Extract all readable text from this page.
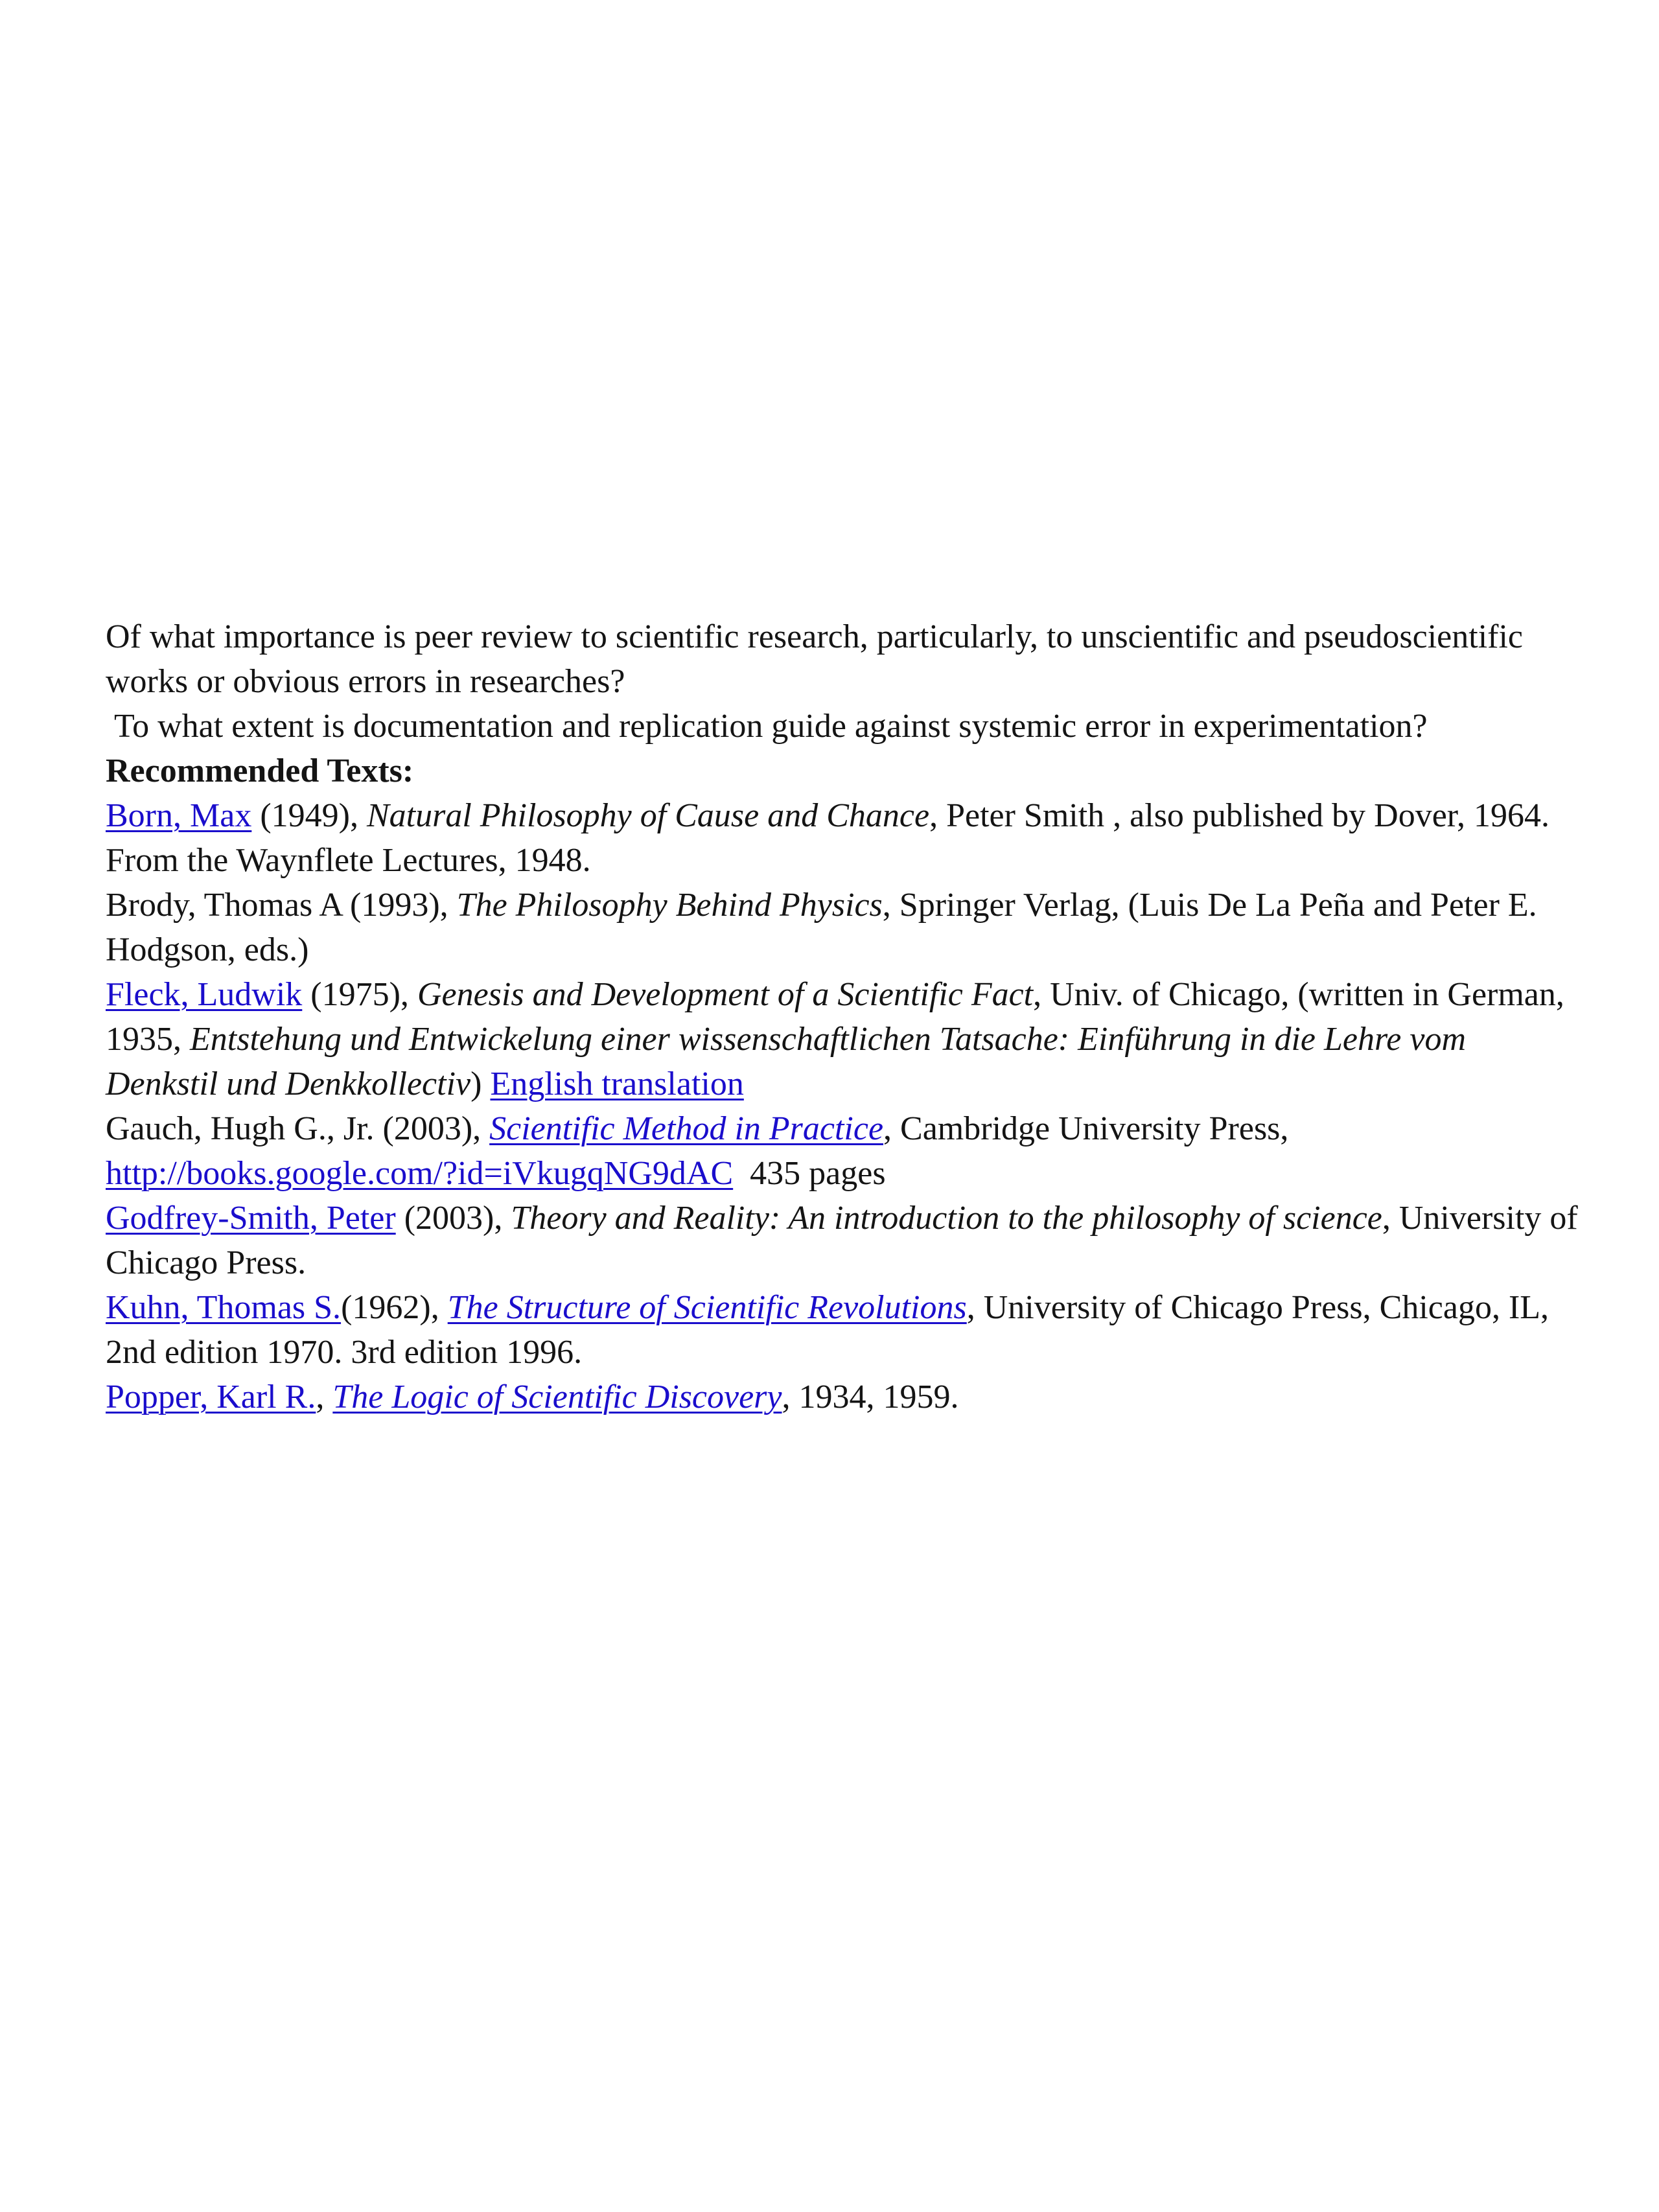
Of what importance is peer review to scientific research, particularly, to unscientific and pseudoscientific works or obvious errors in researches?

To what extent is documentation and replication guide against systemic error in experimentation?

Recommended Texts:

Born, Max (1949), Natural Philosophy of Cause and Chance, Peter Smith , also published by Dover, 1964. From the Waynflete Lectures, 1948.

Brody, Thomas A (1993), The Philosophy Behind Physics, Springer Verlag, (Luis De La Peña and Peter E. Hodgson, eds.)

Fleck, Ludwik (1975), Genesis and Development of a Scientific Fact, Univ. of Chicago, (written in German, 1935, Entstehung und Entwickelung einer wissenschaftlichen Tatsache: Einführung in die Lehre vom Denkstil und Denkkollectiv) English translation

Gauch, Hugh G., Jr. (2003), Scientific Method in Practice, Cambridge University Press, http://books.google.com/?id=iVkugqNG9dAC  435 pages

Godfrey-Smith, Peter (2003), Theory and Reality: An introduction to the philosophy of science, University of Chicago Press.

Kuhn, Thomas S.(1962), The Structure of Scientific Revolutions, University of Chicago Press, Chicago, IL, 2nd edition 1970. 3rd edition 1996.

Popper, Karl R., The Logic of Scientific Discovery, 1934, 1959.
